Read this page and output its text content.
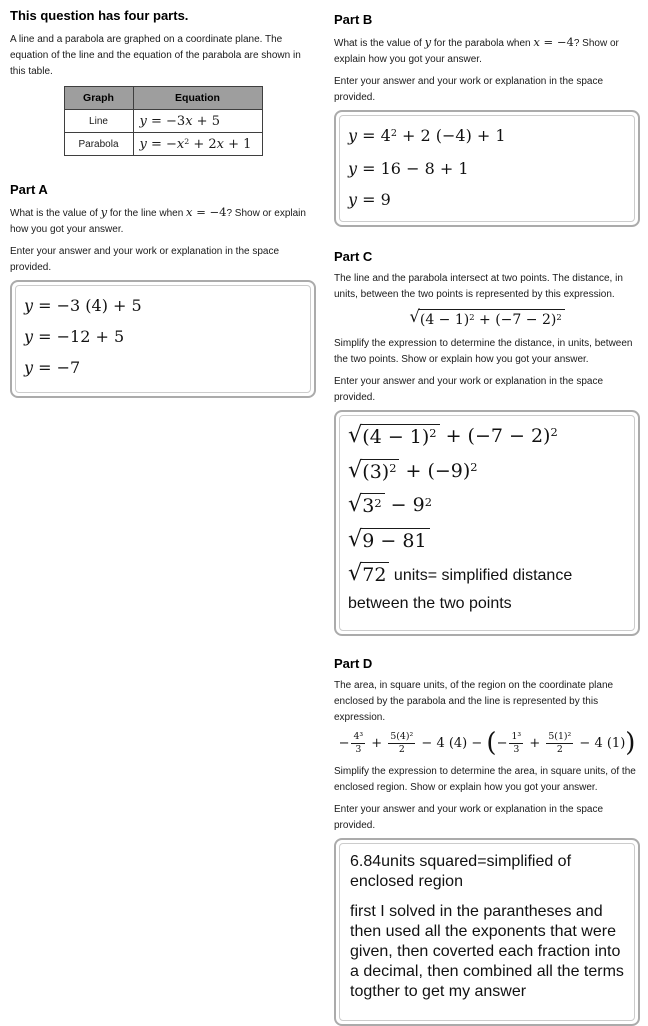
This question has four parts.

A line and a parabola are graphed on a coordinate plane. The equation of the line and the equation of the parabola are shown in this table.

Graph	Equation
Line	y = −3x + 5
Parabola	$y = -x^2 + 2x + 1$
Part A

What is the value of y for the line when x = −4? Show or explain how you got your answer.

Enter your answer and your work or explanation in the space provided.

y = −3 (4) + 5
y = −12 + 5
y = −7
Part B

What is the value of y for the parabola when x = −4? Show or explain how you got your answer.

Enter your answer and your work or explanation in the space provided.

$y = 4^2 + 2$ (−4) + 1
y = 16 − 8 + 1
y = 9
Part C

The line and the parabola intersect at two points. The distance, in units, between the two points is represented by this expression.

√ $(4 - 1)^2 + (-7 - 2)^2$

Simplify the expression to determine the distance, in units, between the two points. Show or explain how you got your answer.

Enter your answer and your work or explanation in the space provided.

√ $(4 - 1)^2 + (-7 - 2)^2$
√ $(3)^2 + (-9)^2$
√ $3^2 - 9^2$
√ 9 − 81
√ 72 units= simplified distance between the two points
Part D

The area, in square units, of the region on the coordinate plane enclosed by the parabola and the line is represented by this expression.

− $\frac{\text{4³}}{3} + \frac{\text{5(4)²}}{2} - 4$ (4) − (− $\frac{\text{1³}}{3} + \frac{\text{5(1)²}}{2} - 4$ (1))

Simplify the expression to determine the area, in square units, of the enclosed region. Show or explain how you got your answer.

Enter your answer and your work or explanation in the space provided.

6.84units squared=simplified of enclosed region

first I solved in the parantheses and then used all the exponents that were given, then coverted each fraction into a decimal, then combined all the terms togther to get my answer
